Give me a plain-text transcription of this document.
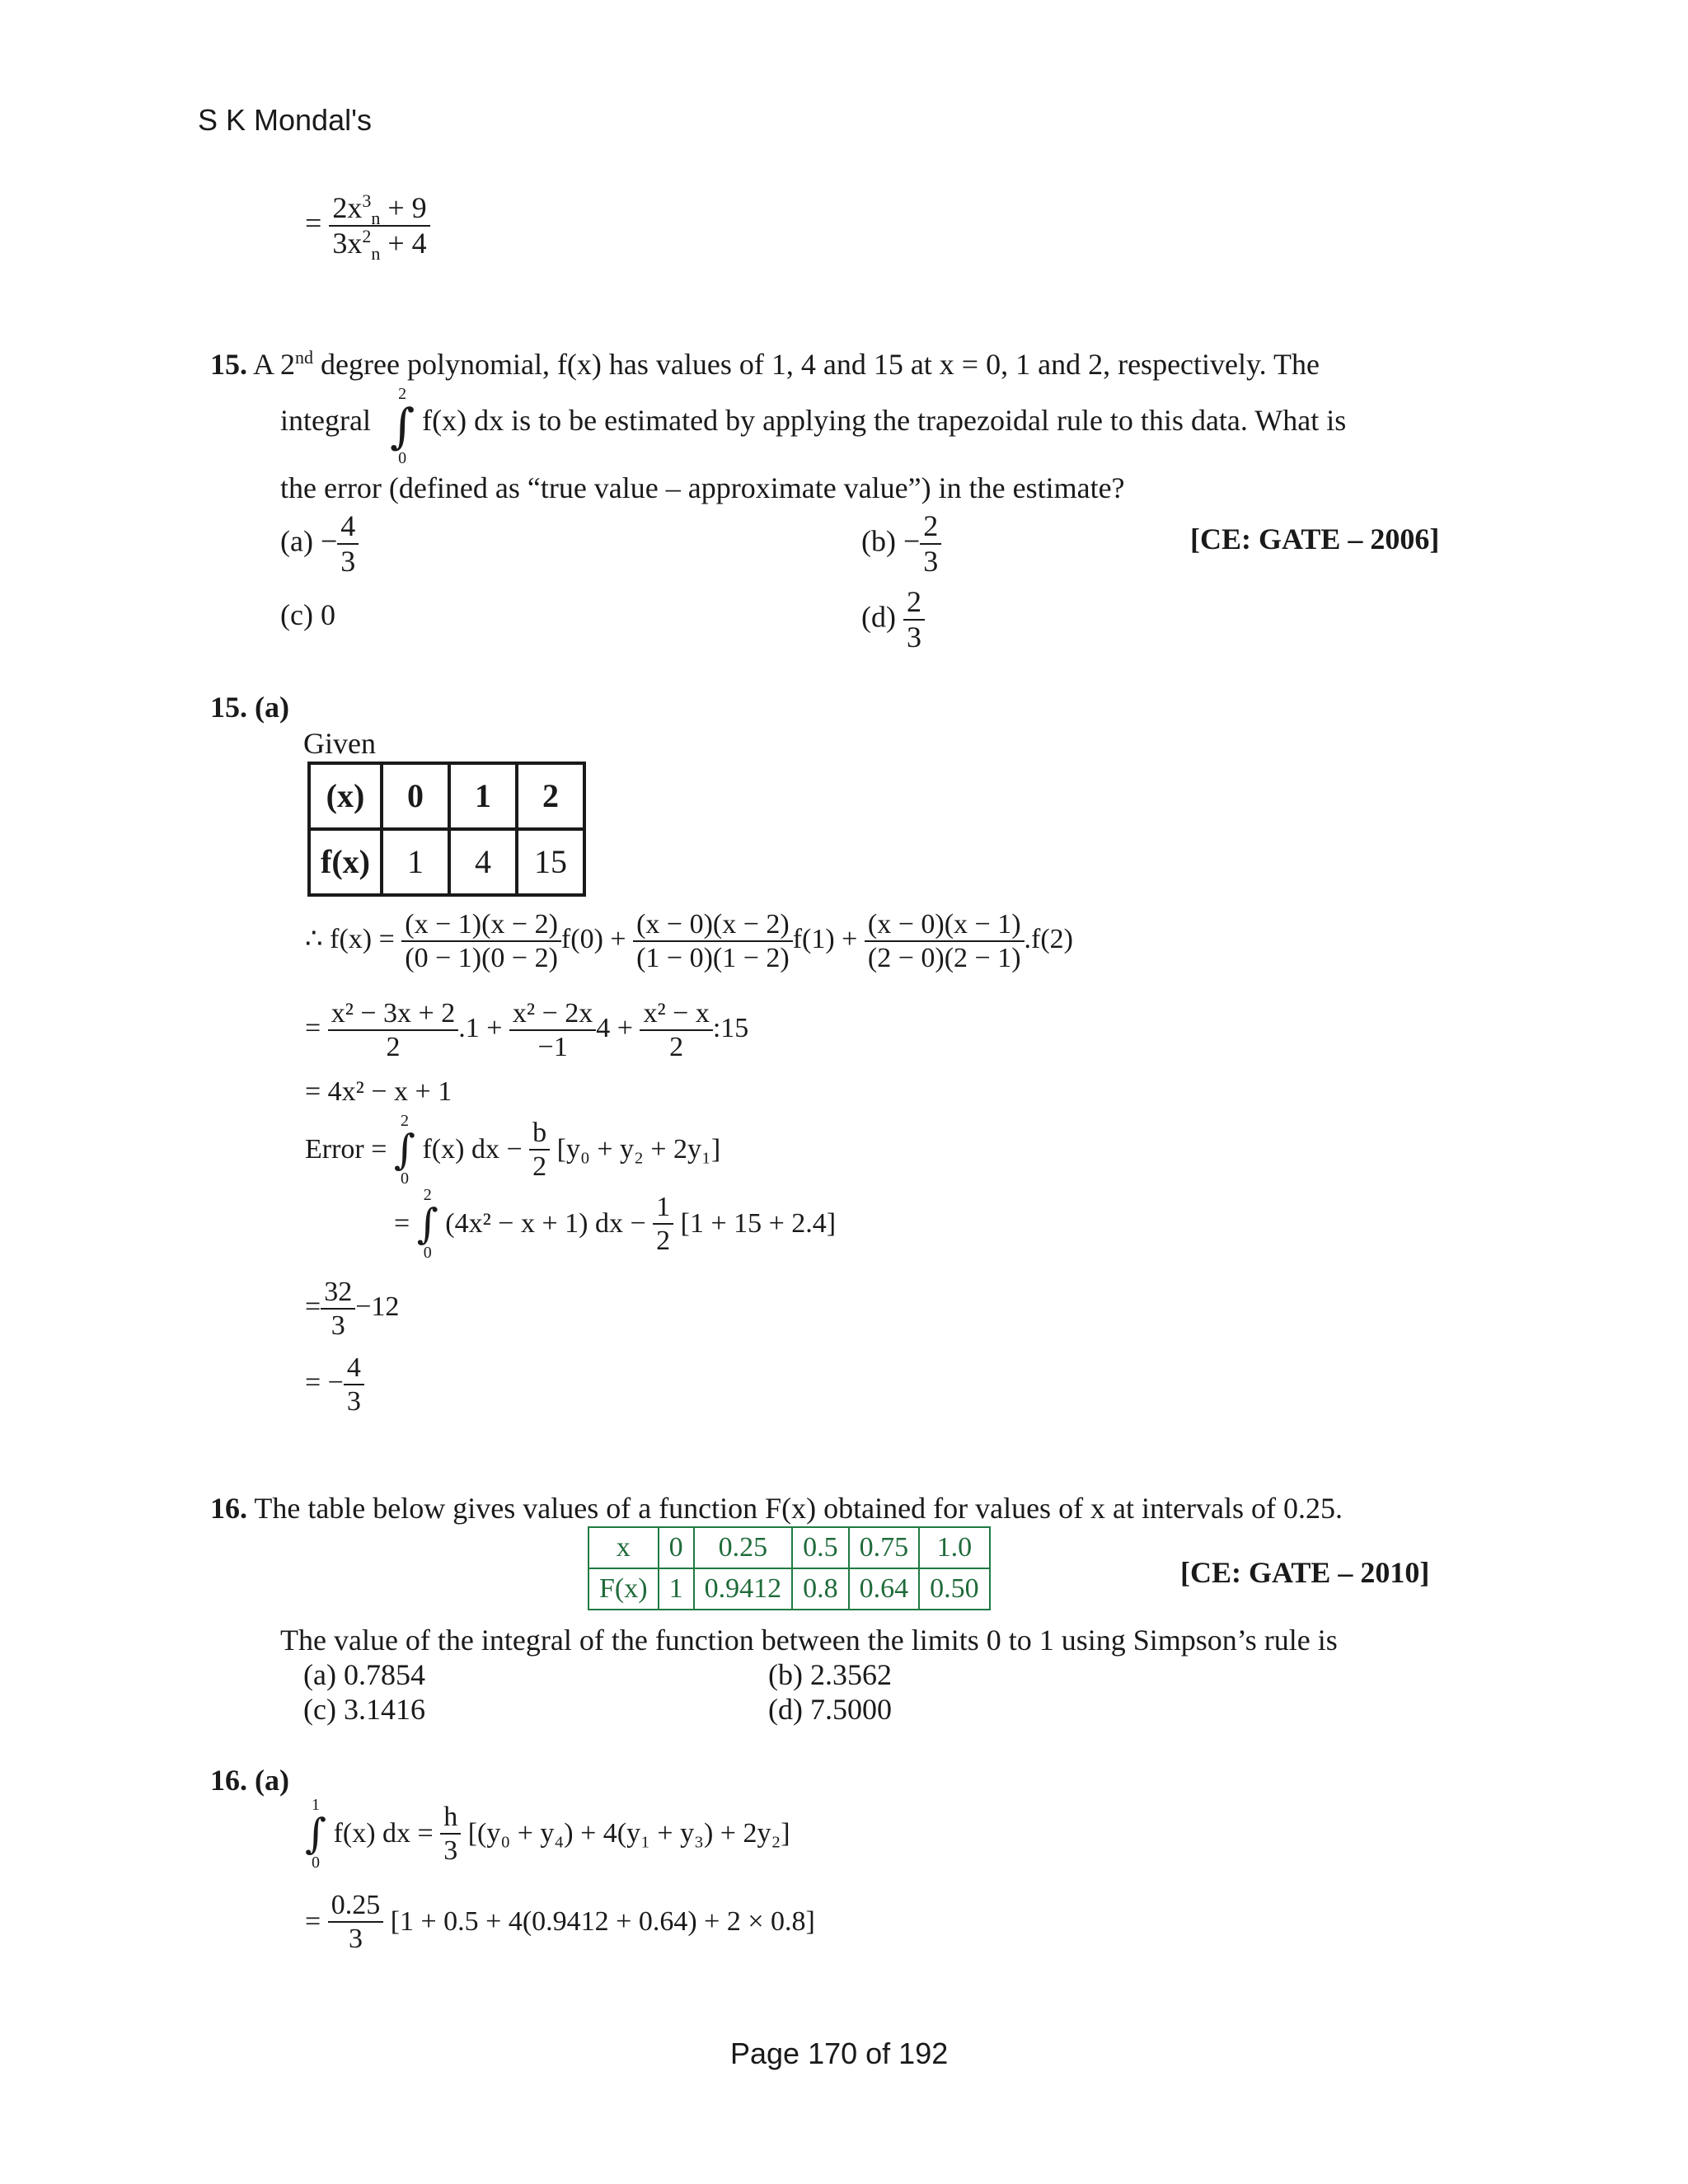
S K Mondal's
= $\frac{2x^3_n + 9}{3x^2_n + 4}$
15. A 2nd degree polynomial, f(x) has values of 1, 4 and 15 at x = 0, 1 and 2, respectively. The
integral
2
∫
0
f(x) dx is to be estimated by applying the trapezoidal rule to this data. What is
the error (defined as “true value – approximate value”) in the estimate?
$(a) - \frac{4}{3}$	$(b) - \frac{2}{3}$	[CE: GATE – 2006]
(c) 0	$(d) \frac{2}{3}$
15. (a)
Given
(x)	0	1	2
f(x)	1	4	15
∴ $f(x) = \frac{(x - 1)(x - 2)}{(0 - 1)(0 - 2)} f(0) + \frac{(x - 0)(x - 2)}{(1 - 0)(1 - 2)} f(1) + \frac{(x - 0)(x - 1)}{(2 - 0)(2 - 1)} .f(2)$
= $\frac{\text{x² − 3x + 2}}{2} .1 + \frac{\text{x² − 2x}}{-1} 4 + \frac{\text{x² − x}}{2}$ :15
= 4x² − x + 1
Error =
2
∫
0
f(x) dx − $\frac{b}{2} [y_0 + y_2 + 2y_1]$
=
2
∫
0
(4x² − x + 1) dx − $\frac{1}{2} [1 + 15 + 2.4]$
= $\frac{32}{3} -12$
= − $\frac{4}{3}$
16. The table below gives values of a function F(x) obtained for values of x at intervals of 0.25.
x	0	0.25	0.5	0.75	1.0
F(x)	1	0.9412	0.8	0.64	0.50	[CE: GATE – 2010]
The value of the integral of the function between the limits 0 to 1 using Simpson’s rule is
(a) 0.7854	(b) 2.3562
(c) 3.1416	(d) 7.5000
16. (a)
1
∫
0
f(x) dx = $\frac{h}{3} [(y_0 + y_4) + 4(y_1 + y_3) + 2y_2]$
= $\frac{0.25}{3} [1 + 0.5 + 4(0.9412 + 0.64) + 2 \times 0.8]$
Page 170 of 192
